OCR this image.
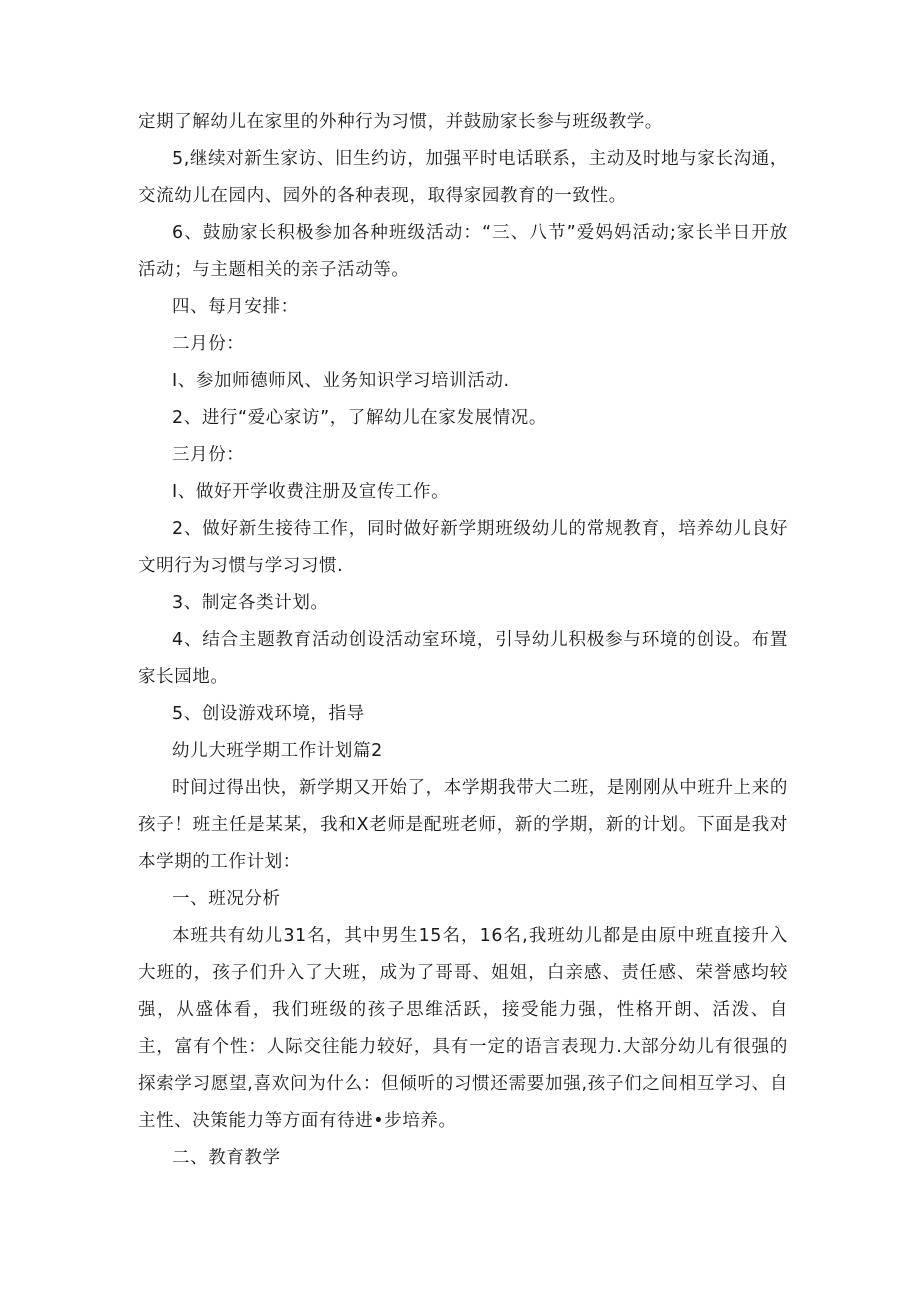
定期了解幼儿在家里的外种行为习惯，并鼓励家长参与班级教学。

5,继续对新生家访、旧生约访，加强平时电话联系，主动及时地与家长沟通，交流幼儿在园内、园外的各种表现，取得家园教育的一致性。

6、鼓励家长积极参加各种班级活动：“三、八节”爱妈妈活动;家长半日开放活动；与主题相关的亲子活动等。

四、每月安排：

二月份：

I、参加师德师风、业务知识学习培训活动.

2、进行“爱心家访”，了解幼儿在家发展情况。

三月份：

I、做好开学收费注册及宣传工作。

2、做好新生接待工作，同时做好新学期班级幼儿的常规教育，培养幼儿良好文明行为习惯与学习习惯.

3、制定各类计划。

4、结合主题教育活动创设活动室环境，引导幼儿积极参与环境的创设。布置家长园地。

5、创设游戏环境，指导

幼儿大班学期工作计划篇2

时间过得出快，新学期又开始了，本学期我带大二班，是刚刚从中班升上来的孩子！班主任是某某，我和X老师是配班老师，新的学期，新的计划。下面是我对本学期的工作计划：

一、班况分析

本班共有幼儿31名，其中男生15名，16名,我班幼儿都是由原中班直接升入大班的，孩子们升入了大班，成为了哥哥、姐姐，白亲感、责任感、荣誉感均较强，从盛体看，我们班级的孩子思维活跃，接受能力强，性格开朗、活泼、自主，富有个性：人际交往能力较好，具有一定的语言表现力.大部分幼儿有很强的探索学习愿望,喜欢问为什么：但倾听的习惯还需要加强,孩子们之间相互学习、自主性、决策能力等方面有待进•步培养。

二、教育教学
